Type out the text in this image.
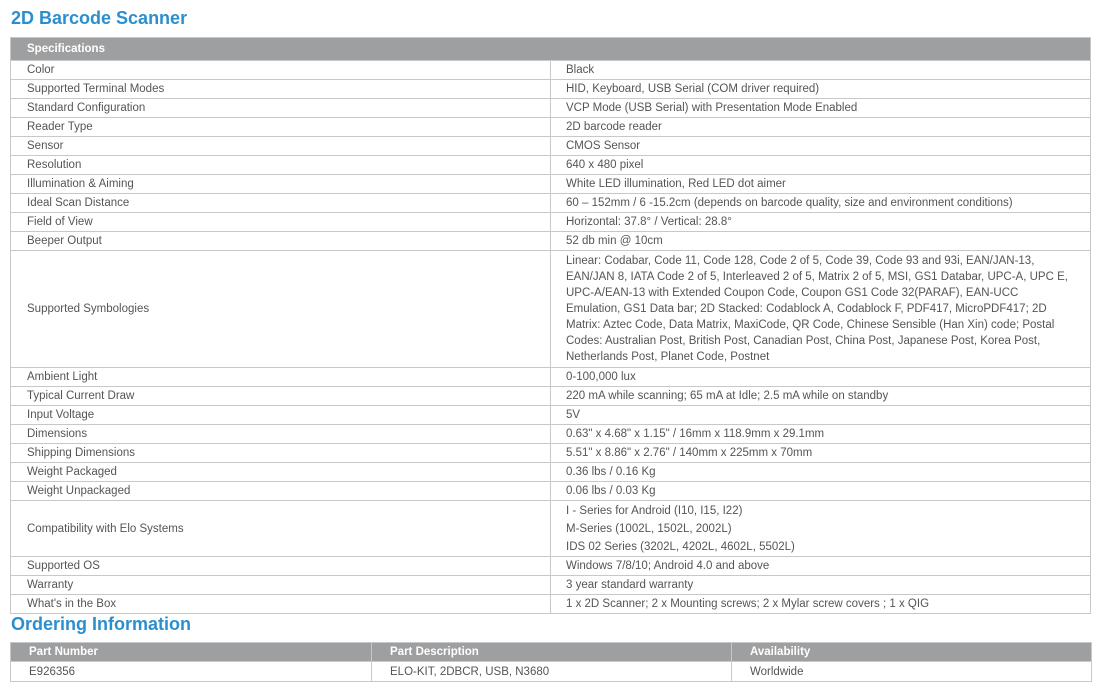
2D Barcode Scanner
Specifications	
Color	Black
Supported Terminal Modes	HID, Keyboard, USB Serial (COM driver required)
Standard Configuration	VCP Mode (USB Serial) with Presentation Mode Enabled
Reader Type	2D barcode reader
Sensor	CMOS Sensor
Resolution	640 x 480 pixel
Illumination & Aiming	White LED illumination, Red LED dot aimer
Ideal Scan Distance	60 – 152mm / 6 -15.2cm (depends on barcode quality, size and environment conditions)
Field of View	Horizontal: 37.8° / Vertical: 28.8°
Beeper Output	52 db min @ 10cm
Supported Symbologies	Linear: Codabar, Code 11, Code 128, Code 2 of 5, Code 39, Code 93 and 93i, EAN/JAN-13, EAN/JAN 8, IATA Code 2 of 5, Interleaved 2 of 5, Matrix 2 of 5, MSI, GS1 Databar, UPC-A, UPC E, UPC-A/EAN-13 with Extended Coupon Code, Coupon GS1 Code 32(PARAF), EAN-UCC Emulation, GS1 Data bar; 2D Stacked: Codablock A, Codablock F, PDF417, MicroPDF417; 2D Matrix: Aztec Code, Data Matrix, MaxiCode, QR Code, Chinese Sensible (Han Xin) code; Postal Codes: Australian Post, British Post, Canadian Post, China Post, Japanese Post, Korea Post, Netherlands Post, Planet Code, Postnet

Ambient Light	0-100,000 lux
Typical Current Draw	220 mA while scanning; 65 mA at Idle; 2.5 mA while on standby
Input Voltage	5V
Dimensions	0.63" x 4.68" x 1.15" / 16mm x 118.9mm x 29.1mm
Shipping Dimensions	5.51" x 8.86" x 2.76" / 140mm x 225mm x 70mm
Weight Packaged	0.36 lbs / 0.16 Kg
Weight Unpackaged	0.06 lbs / 0.03 Kg
Compatibility with Elo Systems	I - Series for Android (I10, I15, I22)
M-Series (1002L, 1502L, 2002L)
IDS 02 Series (3202L, 4202L, 4602L, 5502L)

Supported OS	Windows 7/8/10; Android 4.0 and above
Warranty	3 year standard warranty
What's in the Box	1 x 2D Scanner; 2 x Mounting screws; 2 x Mylar screw covers ; 1 x QIG
Ordering Information
Part Number	Part Description	Availability
E926356	ELO-KIT, 2DBCR, USB, N3680	Worldwide
